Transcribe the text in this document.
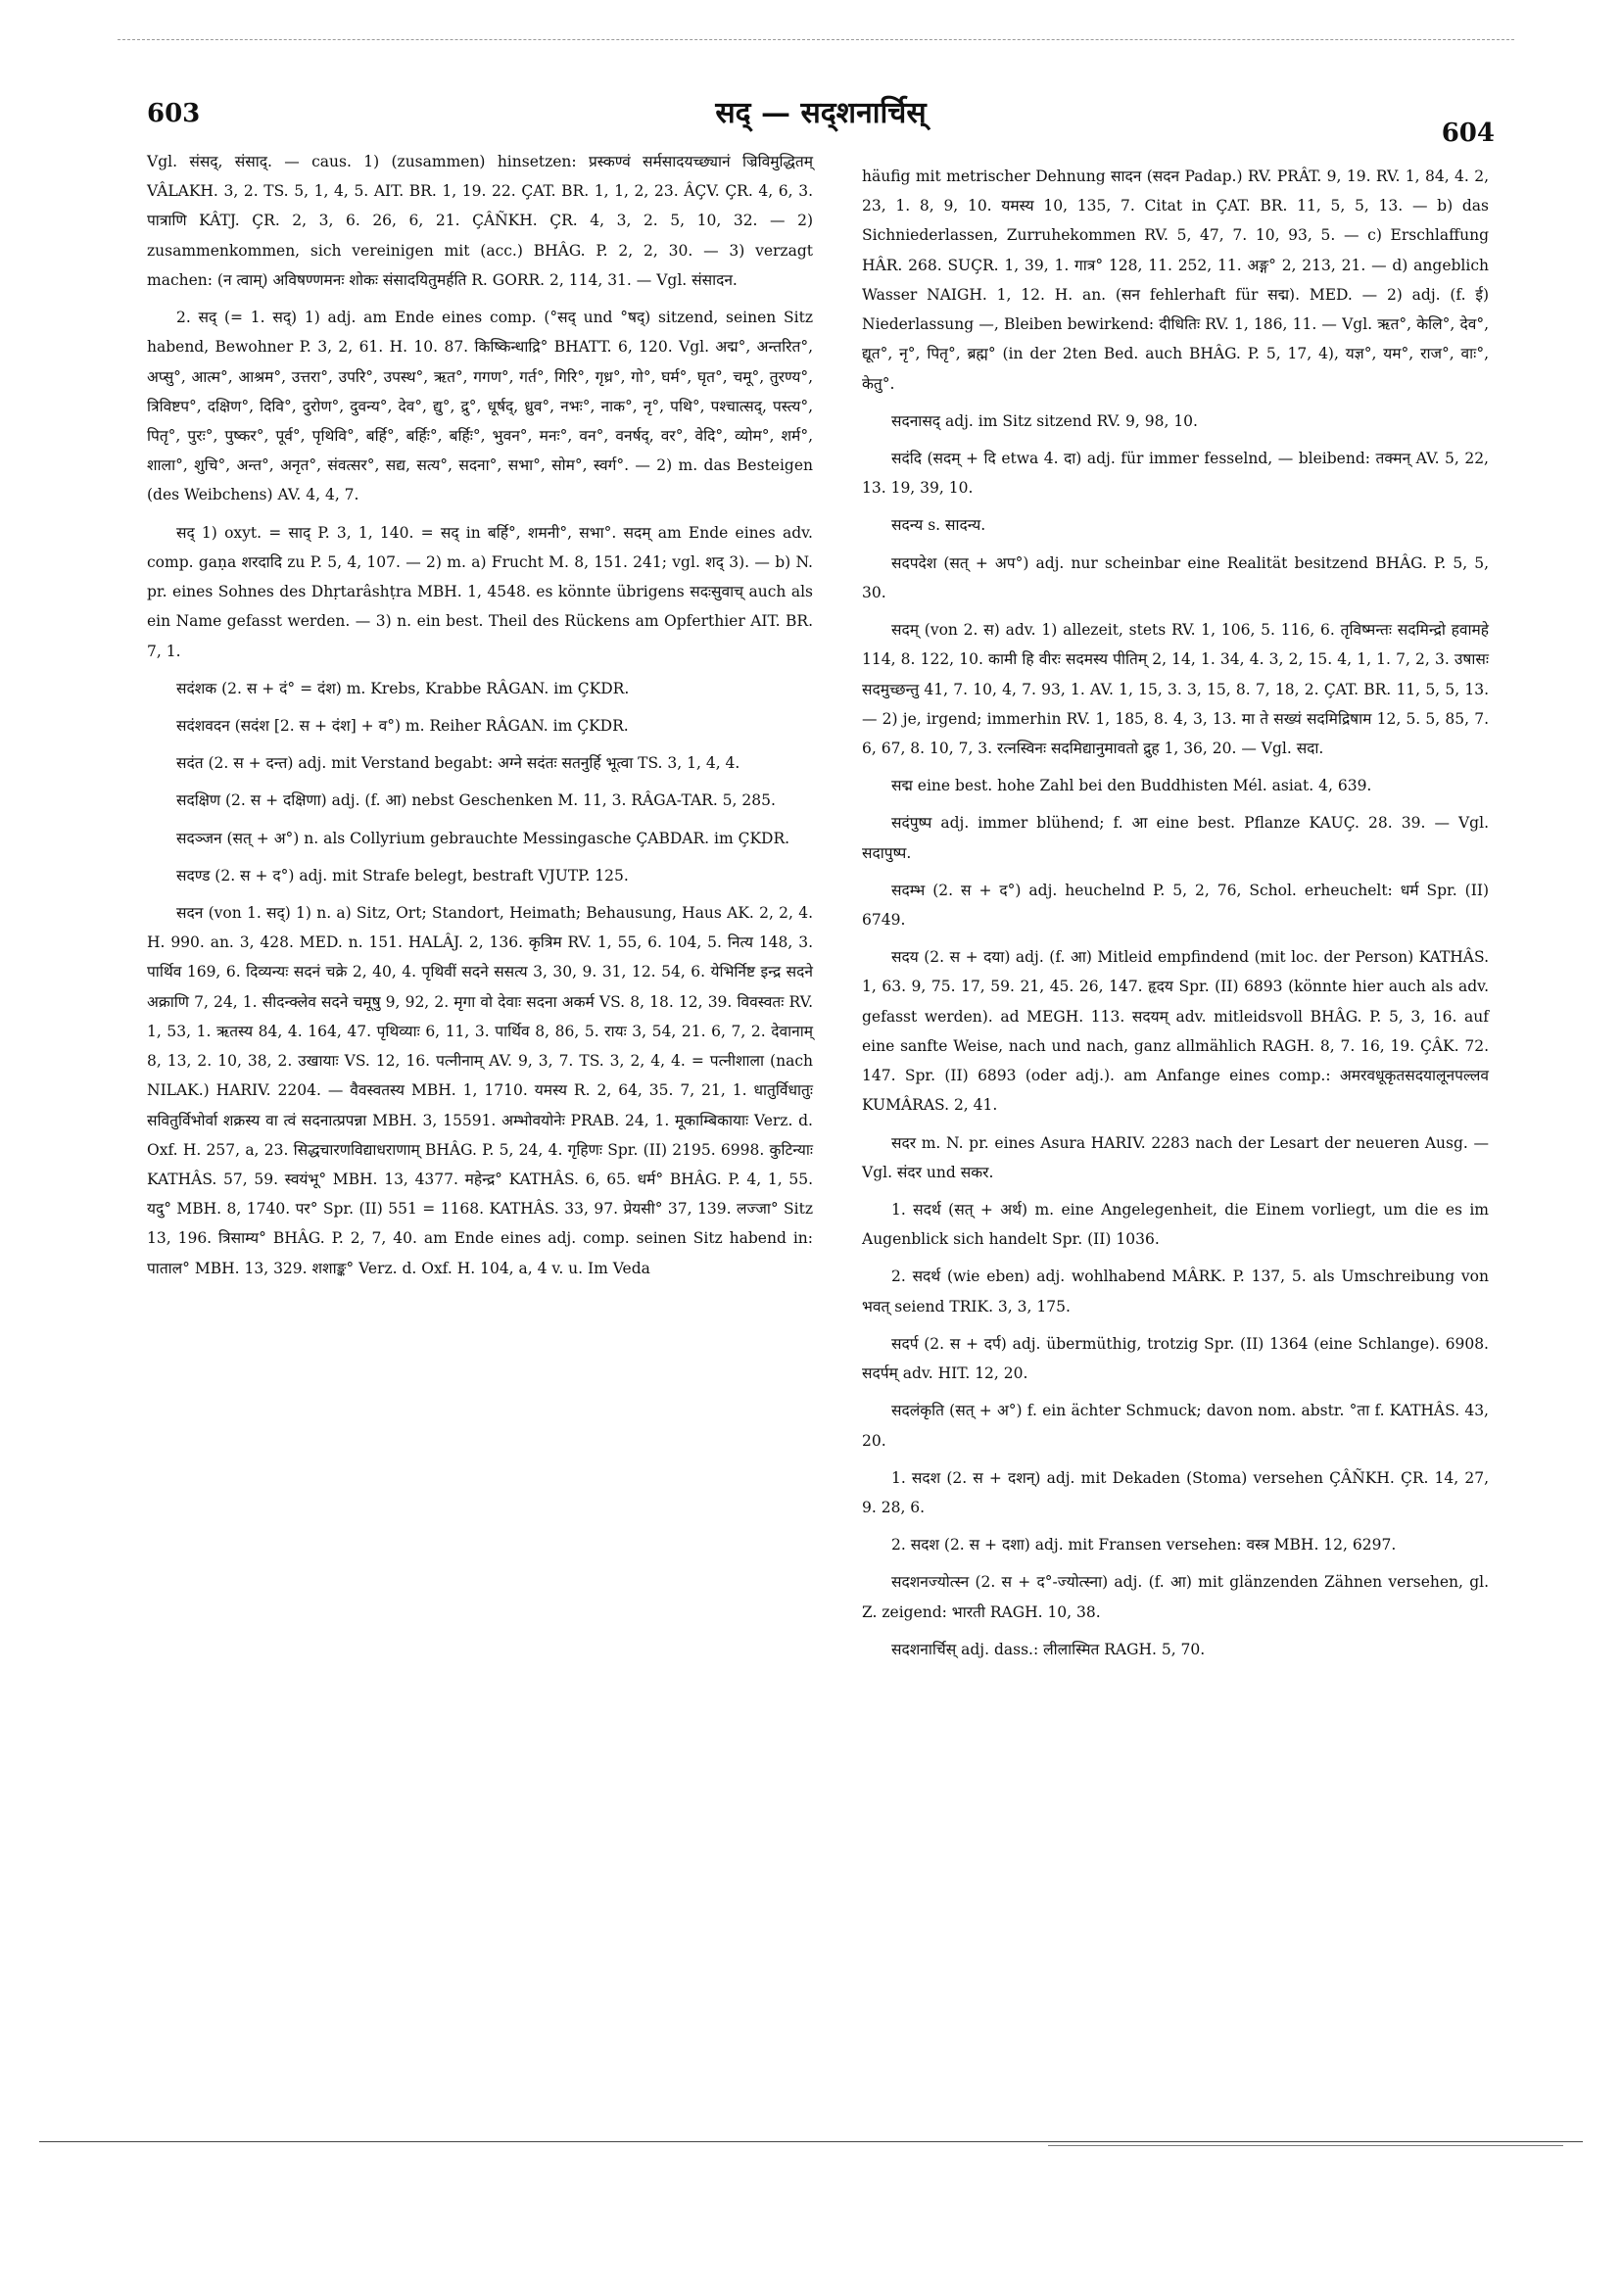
603	सद् — सद्शनार्चिस्
604

Vgl. संसद्, संसाद्. — caus. 1) (zusammen) hinsetzen: प्रस्कण्वं सर्मसादयच्छ्यानं ज्रिविमुद्धितम् VÂLAKH. 3, 2. TS. 5, 1, 4, 5. AIT. BR. 1, 19. 22. ÇAT. BR. 1, 1, 2, 23. ÂÇV. ÇR. 4, 6, 3. पात्राणि KÂTJ. ÇR. 2, 3, 6. 26, 6, 21. ÇÂÑKH. ÇR. 4, 3, 2. 5, 10, 32. — 2) zusammenkommen, sich vereinigen mit (acc.) BHÂG. P. 2, 2, 30. — 3) verzagt machen: (न त्वाम्) अविषण्णमनः शोकः संसादयितुमर्हति R. GORR. 2, 114, 31. — Vgl. संसादन.

2. सद् (= 1. सद्) 1) adj. am Ende eines comp. (°सद् und °षद्) sitzend, seinen Sitz habend, Bewohner P. 3, 2, 61. H. 10. 87. किष्किन्धाद्रि° BHATT. 6, 120. Vgl. अद्म°, अन्तरित°, अप्सु°, आत्म°, आश्रम°, उत्तरा°, उपरि°, उपस्थ°, ऋत°, गगण°, गर्त°, गिरि°, गृध्र°, गो°, घर्म°, घृत°, चमू°, तुरण्य°, त्रिविष्टप°, दक्षिण°, दिवि°, दुरोण°, दुवन्य°, देव°, द्यु°, द्रु°, धूर्षद्, ध्रुव°, नभः°, नाक°, नृ°, पथि°, पश्चात्सद्, पस्त्य°, पितृ°, पुरः°, पुष्कर°, पूर्व°, पृथिवि°, बर्हि°, बर्हिः°, बर्हिः°, भुवन°, मनः°, वन°, वनर्षद्, वर°, वेदि°, व्योम°, शर्म°, शाला°, शुचि°, अन्त°, अनृत°, संवत्सर°, सद्य, सत्य°, सदना°, सभा°, सोम°, स्वर्ग°. — 2) m. das Besteigen (des Weibchens) AV. 4, 4, 7.

सद् 1) oxyt. = साद् P. 3, 1, 140. = सद् in बर्हि°, शमनी°, सभा°. सदम् am Ende eines adv. comp. gaṇa शरदादि zu P. 5, 4, 107. — 2) m. a) Frucht M. 8, 151. 241; vgl. शद् 3). — b) N. pr. eines Sohnes des Dhṛtarâshṭra MBH. 1, 4548. es könnte übrigens सदःसुवाच् auch als ein Name gefasst werden. — 3) n. ein best. Theil des Rückens am Opferthier AIT. BR. 7, 1.

सदंशक (2. स + दं° = दंश) m. Krebs, Krabbe RÂGAN. im ÇKDR.

सदंशवदन (सदंश [2. स + दंश] + व°) m. Reiher RÂGAN. im ÇKDR.

सदंत (2. स + दन्त) adj. mit Verstand begabt: अग्ने सदंतः सतनुर्हि भूत्वा TS. 3, 1, 4, 4.

सदक्षिण (2. स + दक्षिणा) adj. (f. आ) nebst Geschenken M. 11, 3. RÂGA-TAR. 5, 285.

सदञ्जन (सत् + अ°) n. als Collyrium gebrauchte Messingasche ÇABDAR. im ÇKDR.

सदण्ड (2. स + द°) adj. mit Strafe belegt, bestraft VJUTP. 125.

सदन (von 1. सद्) 1) n. a) Sitz, Ort; Standort, Heimath; Behausung, Haus AK. 2, 2, 4. H. 990. an. 3, 428. MED. n. 151. HALÂJ. 2, 136. कृत्रिम RV. 1, 55, 6. 104, 5. नित्य 148, 3. पार्थिव 169, 6. दिव्यन्यः सदनं चक्रे 2, 40, 4. पृथिवीं सदने ससत्य 3, 30, 9. 31, 12. 54, 6. येभिर्निष्ट इन्द्र सदने अक्राणि 7, 24, 1. सीदन्क्लेव सदने चमूषु 9, 92, 2. मृगा वो देवाः सदना अकर्म VS. 8, 18. 12, 39. विवस्वतः RV. 1, 53, 1. ऋतस्य 84, 4. 164, 47. पृथिव्याः 6, 11, 3. पार्थिव 8, 86, 5. रायः 3, 54, 21. 6, 7, 2. देवानाम् 8, 13, 2. 10, 38, 2. उखायाः VS. 12, 16. पत्नीनाम् AV. 9, 3, 7. TS. 3, 2, 4, 4. = पत्नीशाला (nach NILAK.) HARIV. 2204. — वैवस्वतस्य MBH. 1, 1710. यमस्य R. 2, 64, 35. 7, 21, 1. धातुर्विधातुः सवितुर्विभोर्वा शक्रस्य वा त्वं सदनात्प्रपन्ना MBH. 3, 15591. अम्भोवयोनेः PRAB. 24, 1. मूकाम्बिकायाः Verz. d. Oxf. H. 257, a, 23. सिद्धचारणविद्याधराणाम् BHÂG. P. 5, 24, 4. गृहिणः Spr. (II) 2195. 6998. कुटिन्याः KATHÂS. 57, 59. स्वयंभू° MBH. 13, 4377. महेन्द्र° KATHÂS. 6, 65. धर्म° BHÂG. P. 4, 1, 55. यदु° MBH. 8, 1740. पर° Spr. (II) 551 = 1168. KATHÂS. 33, 97. प्रेयसी° 37, 139. लज्जा° Sitz 13, 196. त्रिसाम्य° BHÂG. P. 2, 7, 40. am Ende eines adj. comp. seinen Sitz habend in: पाताल° MBH. 13, 329. शशाङ्क° Verz. d. Oxf. H. 104, a, 4 v. u. Im Veda

häufig mit metrischer Dehnung सादन (सदन Padap.) RV. PRÂT. 9, 19. RV. 1, 84, 4. 2, 23, 1. 8, 9, 10. यमस्य 10, 135, 7. Citat in ÇAT. BR. 11, 5, 5, 13. — b) das Sichniederlassen, Zurruhekommen RV. 5, 47, 7. 10, 93, 5. — c) Erschlaffung HÂR. 268. SUÇR. 1, 39, 1. गात्र° 128, 11. 252, 11. अङ्ग° 2, 213, 21. — d) angeblich Wasser NAIGH. 1, 12. H. an. (सन fehlerhaft für सद्म). MED. — 2) adj. (f. ई) Niederlassung —, Bleiben bewirkend: दीधितिः RV. 1, 186, 11. — Vgl. ऋत°, केलि°, देव°, द्यूत°, नृ°, पितृ°, ब्रह्म° (in der 2ten Bed. auch BHÂG. P. 5, 17, 4), यज्ञ°, यम°, राज°, वाः°, केतु°.

सदनासद् adj. im Sitz sitzend RV. 9, 98, 10.

सदंदि (सदम् + दि etwa 4. दा) adj. für immer fesselnd, — bleibend: तक्मन् AV. 5, 22, 13. 19, 39, 10.

सदन्य s. सादन्य.

सदपदेश (सत् + अप°) adj. nur scheinbar eine Realität besitzend BHÂG. P. 5, 5, 30.

सदम् (von 2. स) adv. 1) allezeit, stets RV. 1, 106, 5. 116, 6. तृविष्मन्तः सदमिन्द्रो हवामहे 114, 8. 122, 10. कामी हि वीरः सदमस्य पीतिम् 2, 14, 1. 34, 4. 3, 2, 15. 4, 1, 1. 7, 2, 3. उषासः सदमुच्छन्तु 41, 7. 10, 4, 7. 93, 1. AV. 1, 15, 3. 3, 15, 8. 7, 18, 2. ÇAT. BR. 11, 5, 5, 13. — 2) je, irgend; immerhin RV. 1, 185, 8. 4, 3, 13. मा ते सख्यं सदमिद्रिषाम 12, 5. 5, 85, 7. 6, 67, 8. 10, 7, 3. रत्नस्विनः सदमिद्यानुमावतो द्रुह 1, 36, 20. — Vgl. सदा.

सद्म eine best. hohe Zahl bei den Buddhisten Mél. asiat. 4, 639.

सदंपुष्प adj. immer blühend; f. आ eine best. Pflanze KAUÇ. 28. 39. — Vgl. सदापुष्प.

सदम्भ (2. स + द°) adj. heuchelnd P. 5, 2, 76, Schol. erheuchelt: धर्म Spr. (II) 6749.

सदय (2. स + दया) adj. (f. आ) Mitleid empfindend (mit loc. der Person) KATHÂS. 1, 63. 9, 75. 17, 59. 21, 45. 26, 147. हृदय Spr. (II) 6893 (könnte hier auch als adv. gefasst werden). ad MEGH. 113. सदयम् adv. mitleidsvoll BHÂG. P. 5, 3, 16. auf eine sanfte Weise, nach und nach, ganz allmählich RAGH. 8, 7. 16, 19. ÇÂK. 72. 147. Spr. (II) 6893 (oder adj.). am Anfange eines comp.: अमरवधूकृतसदयालूनपल्लव KUMÂRAS. 2, 41.

सदर m. N. pr. eines Asura HARIV. 2283 nach der Lesart der neueren Ausg. — Vgl. संदर und सकर.

1. सदर्थ (सत् + अर्थ) m. eine Angelegenheit, die Einem vorliegt, um die es im Augenblick sich handelt Spr. (II) 1036.

2. सदर्थ (wie eben) adj. wohlhabend MÂRK. P. 137, 5. als Umschreibung von भवत् seiend TRIK. 3, 3, 175.

सदर्प (2. स + दर्प) adj. übermüthig, trotzig Spr. (II) 1364 (eine Schlange). 6908. सदर्पम् adv. HIT. 12, 20.

सदलंकृति (सत् + अ°) f. ein ächter Schmuck; davon nom. abstr. °ता f. KATHÂS. 43, 20.

1. सदश (2. स + दशन्) adj. mit Dekaden (Stoma) versehen ÇÂÑKH. ÇR. 14, 27, 9. 28, 6.

2. सदश (2. स + दशा) adj. mit Fransen versehen: वस्त्र MBH. 12, 6297.

सदशनज्योत्स्न (2. स + द°-ज्योत्स्ना) adj. (f. आ) mit glänzenden Zähnen versehen, gl. Z. zeigend: भारती RAGH. 10, 38.

सदशनार्चिस् adj. dass.: लीलास्मित RAGH. 5, 70.
